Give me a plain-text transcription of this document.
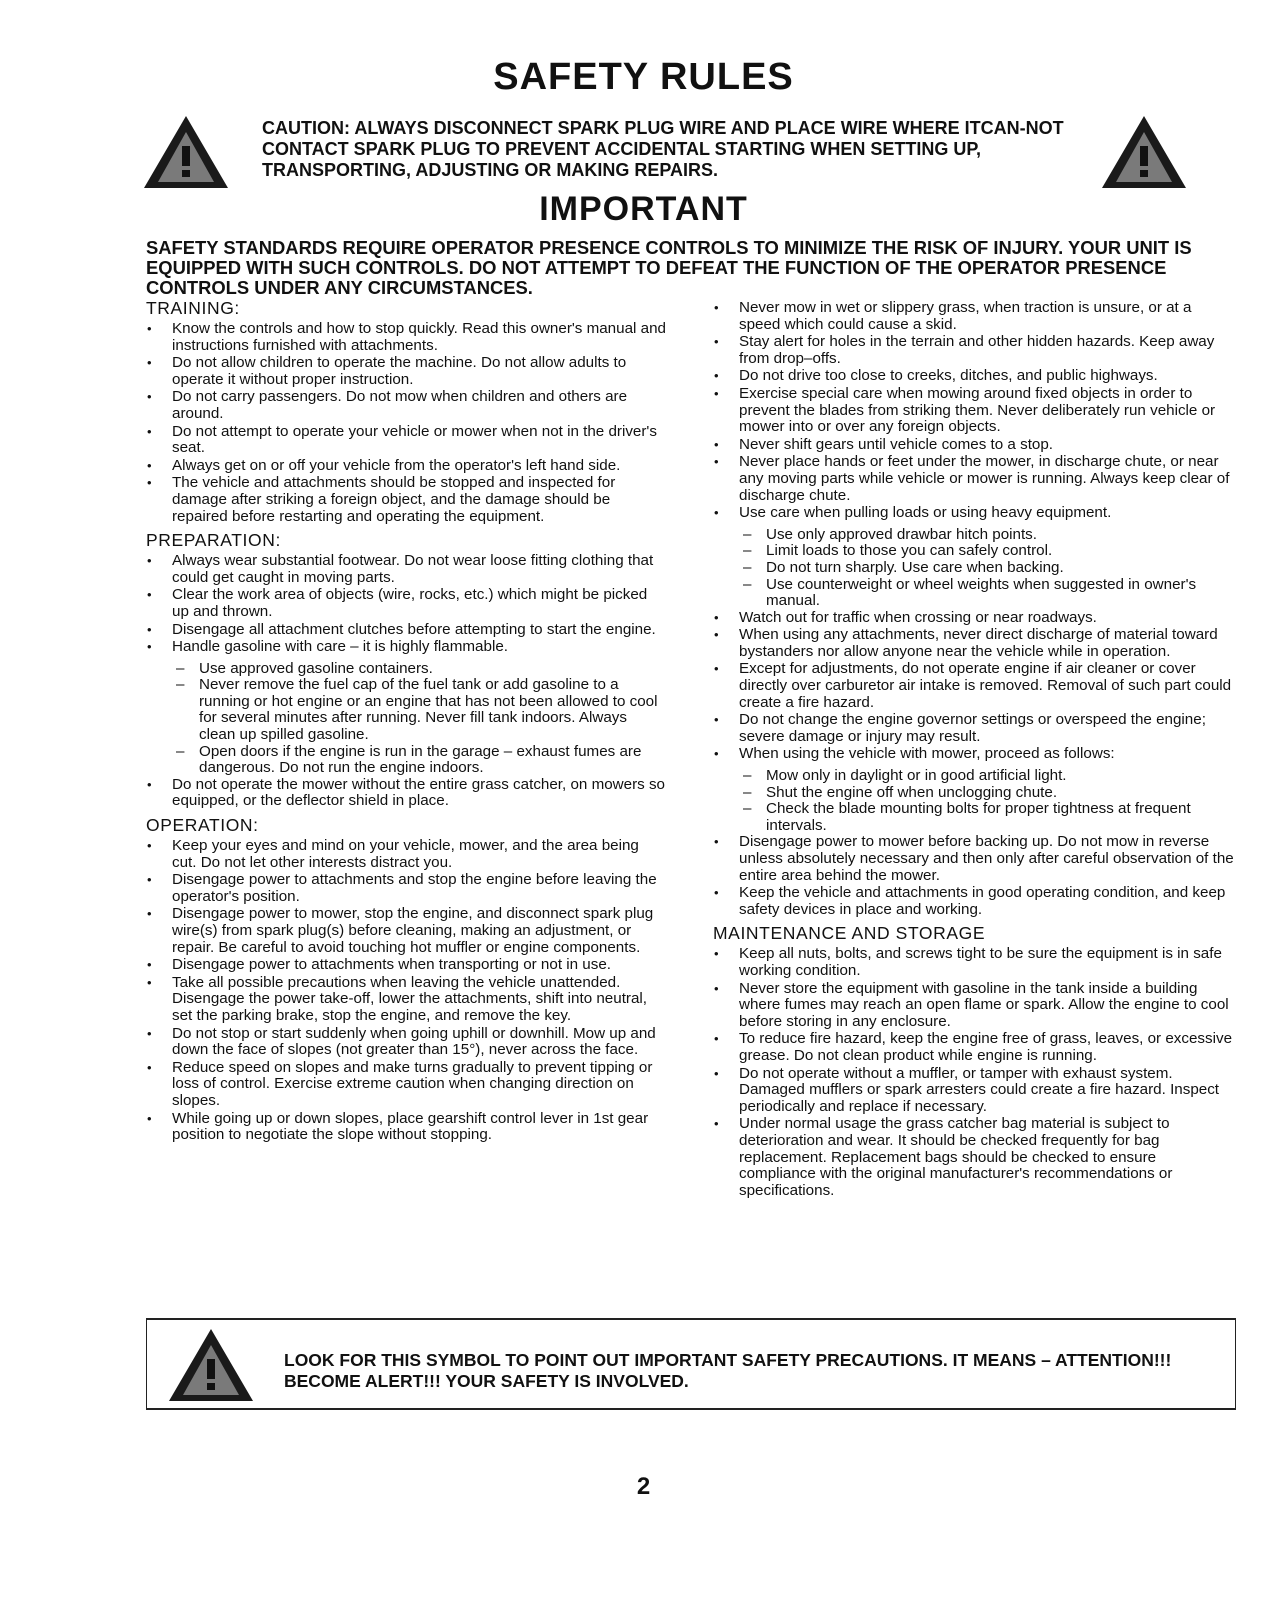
SAFETY RULES
CAUTION: ALWAYS DISCONNECT SPARK PLUG WIRE AND PLACE WIRE WHERE ITCAN-NOT CONTACT SPARK PLUG TO PREVENT ACCIDENTAL STARTING WHEN SETTING UP, TRANSPORTING, ADJUSTING OR MAKING REPAIRS.
IMPORTANT
SAFETY STANDARDS REQUIRE OPERATOR PRESENCE CONTROLS TO MINIMIZE THE RISK OF INJURY. YOUR UNIT IS EQUIPPED WITH SUCH CONTROLS. DO NOT ATTEMPT TO DEFEAT THE FUNCTION OF THE OPERATOR PRESENCE CONTROLS UNDER ANY CIRCUMSTANCES.
TRAINING:
• Know the controls and how to stop quickly. Read this owner's manual and instructions furnished with attachments.
• Do not allow children to operate the machine. Do not allow adults to operate it without proper instruction.
• Do not carry passengers. Do not mow when children and others are around.
• Do not attempt to operate your vehicle or mower when not in the driver's seat.
• Always get on or off your vehicle from the operator's left hand side.
• The vehicle and attachments should be stopped and inspected for damage after striking a foreign object, and the damage should be repaired before restarting and operating the equipment.
PREPARATION:
• Always wear substantial footwear. Do not wear loose fitting clothing that could get caught in moving parts.
• Clear the work area of objects (wire, rocks, etc.) which might be picked up and thrown.
• Disengage all attachment clutches before attempting to start the engine.
• Handle gasoline with care – it is highly flammable.
– Use approved gasoline containers.
– Never remove the fuel cap of the fuel tank or add gasoline to a running or hot engine or an engine that has not been allowed to cool for several minutes after running. Never fill tank indoors. Always clean up spilled gasoline.
– Open doors if the engine is run in the garage – exhaust fumes are dangerous. Do not run the engine indoors.
• Do not operate the mower without the entire grass catcher, on mowers so equipped, or the deflector shield in place.
OPERATION:
• Keep your eyes and mind on your vehicle, mower, and the area being cut. Do not let other interests distract you.
• Disengage power to attachments and stop the engine before leaving the operator's position.
• Disengage power to mower, stop the engine, and disconnect spark plug wire(s) from spark plug(s) before cleaning, making an adjustment, or repair. Be careful to avoid touching hot muffler or engine components.
• Disengage power to attachments when transporting or not in use.
• Take all possible precautions when leaving the vehicle unattended. Disengage the power take-off, lower the attachments, shift into neutral, set the parking brake, stop the engine, and remove the key.
• Do not stop or start suddenly when going uphill or downhill. Mow up and down the face of slopes (not greater than 15°), never across the face.
• Reduce speed on slopes and make turns gradually to prevent tipping or loss of control. Exercise extreme caution when changing direction on slopes.
• While going up or down slopes, place gearshift control lever in 1st gear position to negotiate the slope without stopping.
• Never mow in wet or slippery grass, when traction is unsure, or at a speed which could cause a skid.
• Stay alert for holes in the terrain and other hidden hazards. Keep away from drop–offs.
• Do not drive too close to creeks, ditches, and public highways.
• Exercise special care when mowing around fixed objects in order to prevent the blades from striking them. Never deliberately run vehicle or mower into or over any foreign objects.
• Never shift gears until vehicle comes to a stop.
• Never place hands or feet under the mower, in discharge chute, or near any moving parts while vehicle or mower is running. Always keep clear of discharge chute.
• Use care when pulling loads or using heavy equipment.
– Use only approved drawbar hitch points.
– Limit loads to those you can safely control.
– Do not turn sharply. Use care when backing.
– Use counterweight or wheel weights when suggested in owner's manual.
• Watch out for traffic when crossing or near roadways.
• When using any attachments, never direct discharge of material toward bystanders nor allow anyone near the vehicle while in operation.
• Except for adjustments, do not operate engine if air cleaner or cover directly over carburetor air intake is removed. Removal of such part could create a fire hazard.
• Do not change the engine governor settings or overspeed the engine; severe damage or injury may result.
• When using the vehicle with mower, proceed as follows:
– Mow only in daylight or in good artificial light.
– Shut the engine off when unclogging chute.
– Check the blade mounting bolts for proper tightness at frequent intervals.
• Disengage power to mower before backing up. Do not mow in reverse unless absolutely necessary and then only after careful observation of the entire area behind the mower.
• Keep the vehicle and attachments in good operating condition, and keep safety devices in place and working.
MAINTENANCE AND STORAGE
• Keep all nuts, bolts, and screws tight to be sure the equipment is in safe working condition.
• Never store the equipment with gasoline in the tank inside a building where fumes may reach an open flame or spark. Allow the engine to cool before storing in any enclosure.
• To reduce fire hazard, keep the engine free of grass, leaves, or excessive grease. Do not clean product while engine is running.
• Do not operate without a muffler, or tamper with exhaust system. Damaged mufflers or spark arresters could create a fire hazard. Inspect periodically and replace if necessary.
• Under normal usage the grass catcher bag material is subject to deterioration and wear. It should be checked frequently for bag replacement. Replacement bags should be checked to ensure compliance with the original manufacturer's recommendations or specifications.
LOOK FOR THIS SYMBOL TO POINT OUT IMPORTANT SAFETY PRECAUTIONS. IT MEANS – ATTENTION!!! BECOME ALERT!!! YOUR SAFETY IS INVOLVED.
2
